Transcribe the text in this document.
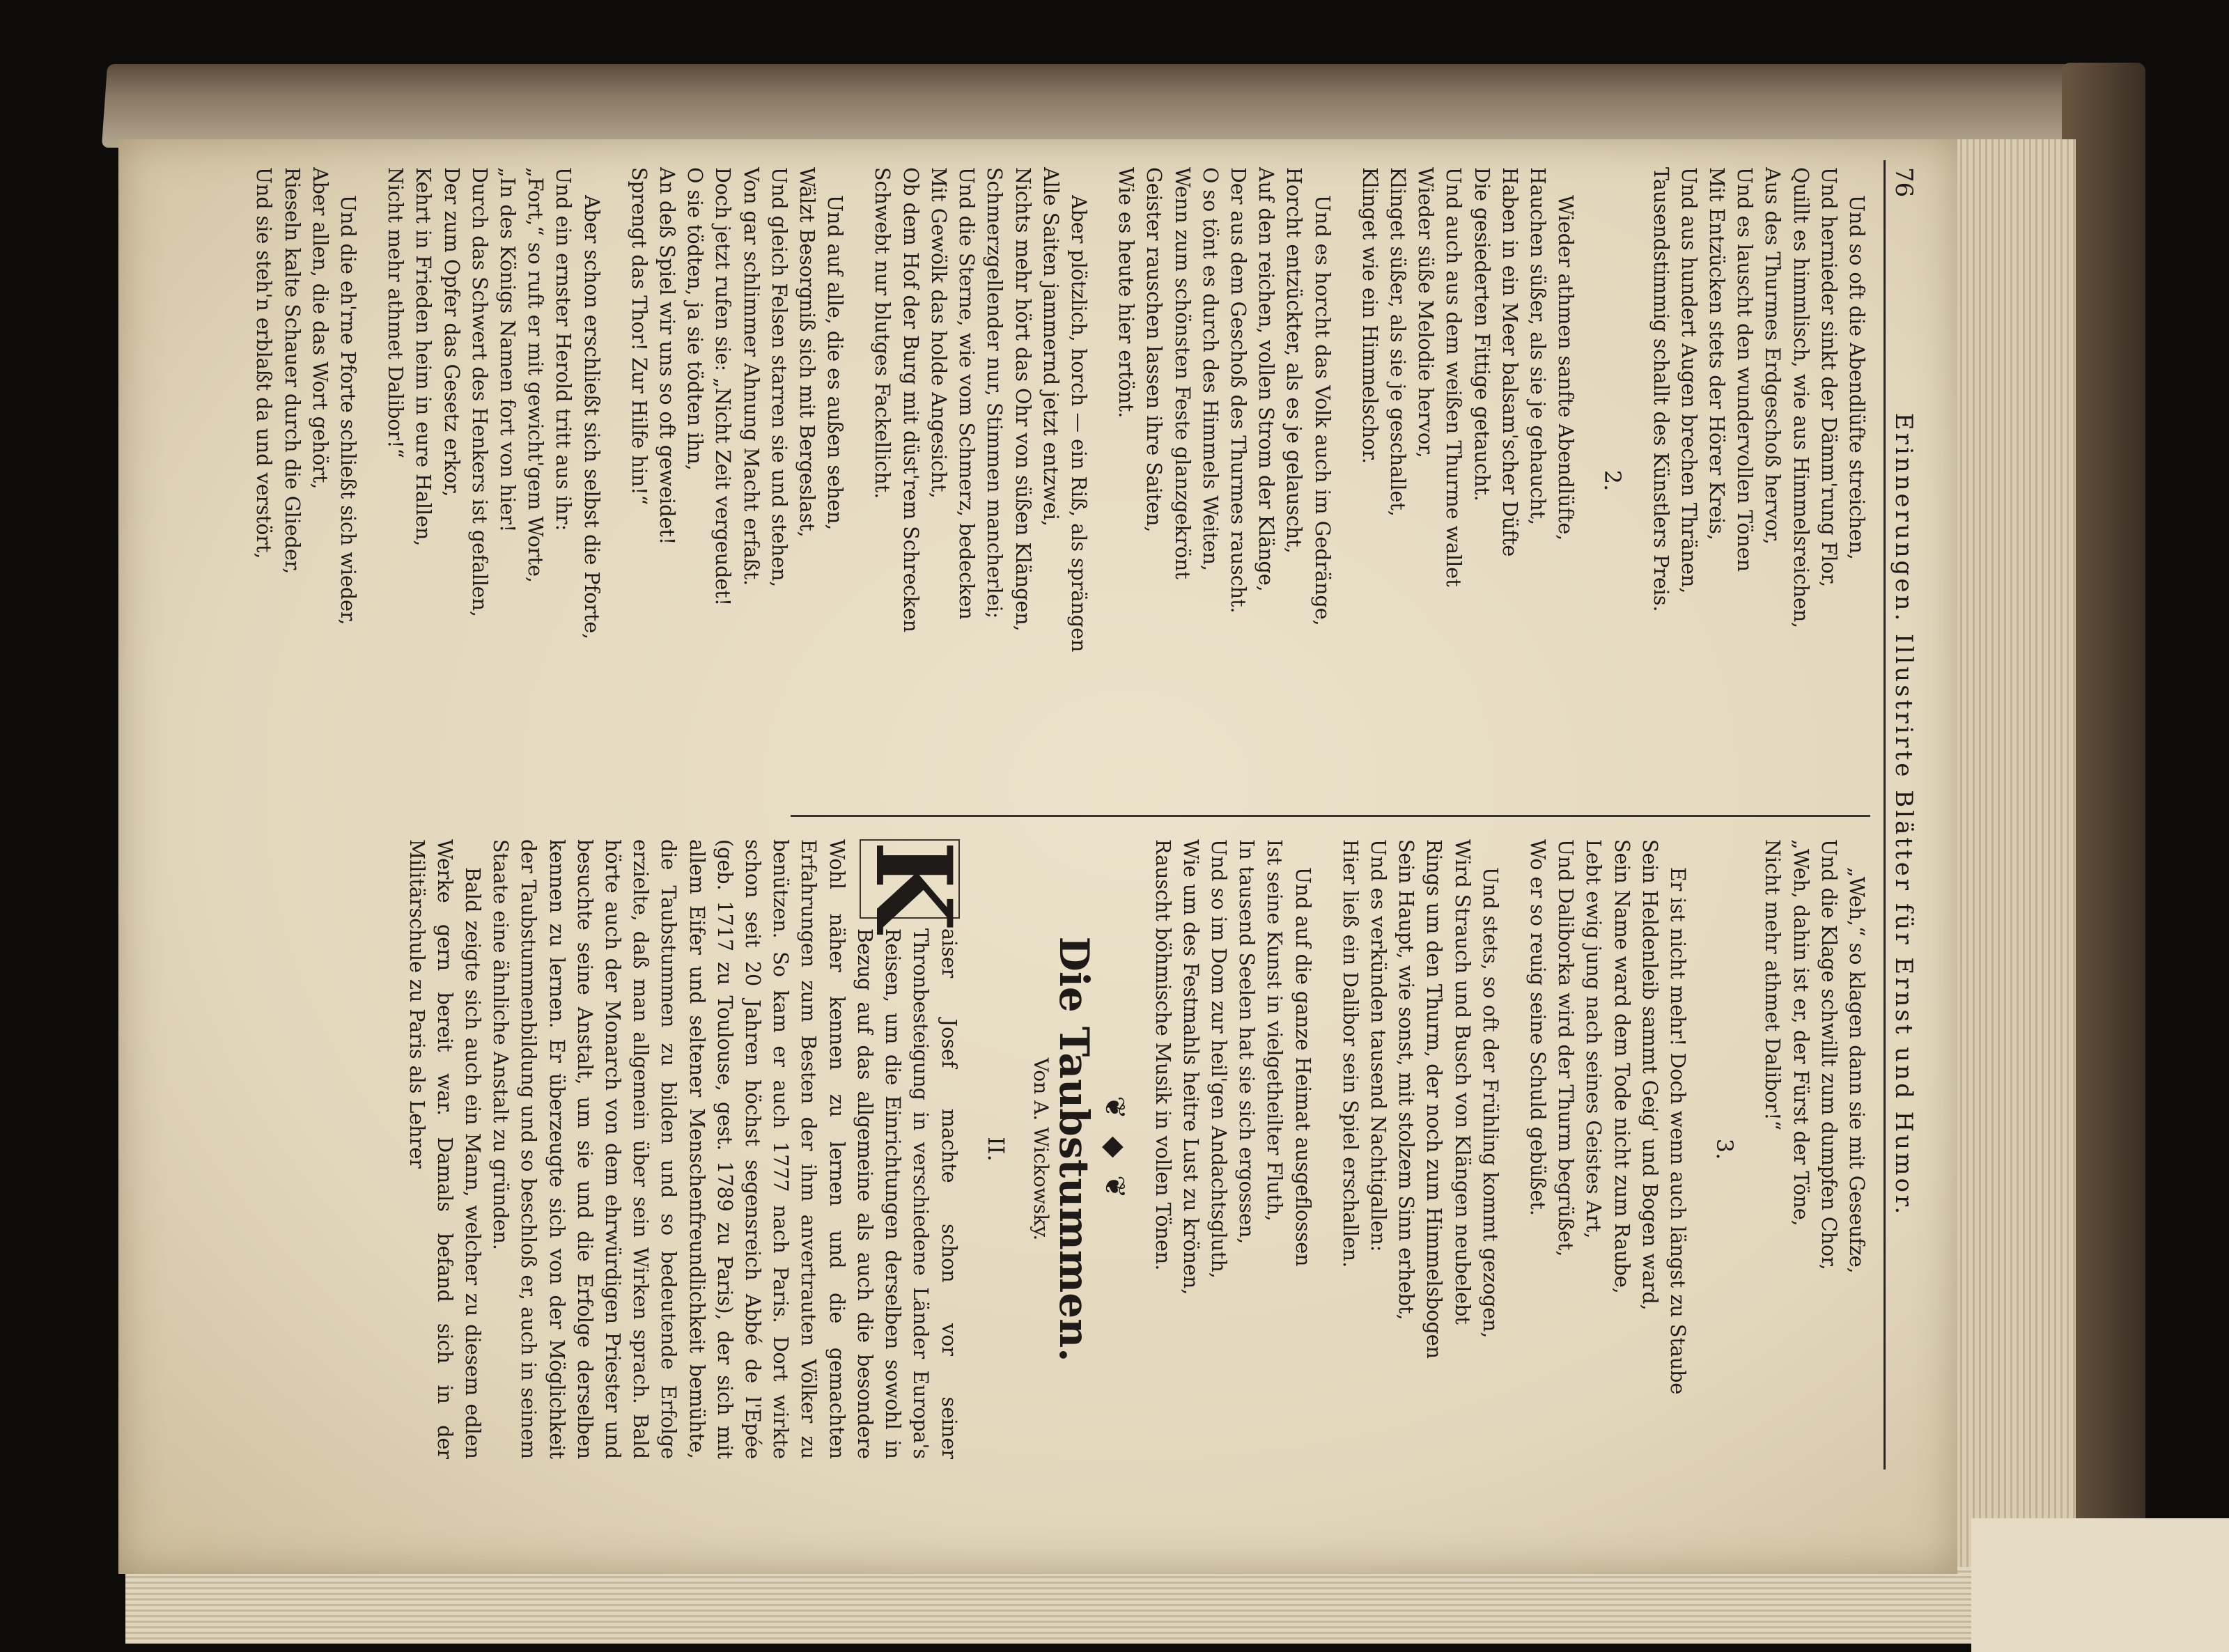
76
Erinnerungen. Illustrirte Blätter für Ernst und Humor.
Und so oft die Abendlüfte streichen,
Und hernieder sinkt der Dämm'rung Flor,
Quillt es himmlisch, wie aus Himmelsreichen,
Aus des Thurmes Erdgeschoß hervor,
Und es lauscht den wundervollen Tönen
Mit Entzücken stets der Hörer Kreis,
Und aus hundert Augen brechen Thränen,
Tausendstimmig schallt des Künstlers Preis.
2.
Wieder athmen sanfte Abendlüfte,
Hauchen süßer, als sie je gehaucht,
Haben in ein Meer balsam'scher Düfte
Die gesiederten Fittige getaucht.
Und auch aus dem weißen Thurme wallet
Wieder süße Melodie hervor,
Klinget süßer, als sie je geschallet,
Klinget wie ein Himmelschor.
Und es horcht das Volk auch im Gedränge,
Horcht entzückter, als es je gelauscht,
Auf den reichen, vollen Strom der Klänge,
Der aus dem Geschoß des Thurmes rauscht.
O so tönt es durch des Himmels Weiten,
Wenn zum schönsten Feste glanzgekrönt
Geister rauschen lassen ihre Saiten,
Wie es heute hier ertönt.
Aber plötzlich, horch — ein Riß, als sprängen
Alle Saiten jammernd jetzt entzwei,
Nichts mehr hört das Ohr von süßen Klängen,
Schmerzgellender nur, Stimmen mancherlei;
Und die Sterne, wie vom Schmerz, bedecken
Mit Gewölk das holde Angesicht,
Ob dem Hof der Burg mit düst'rem Schrecken
Schwebt nur blutges Fackellicht.
Und auf alle, die es außen sehen,
Wälzt Besorgniß sich mit Bergeslast,
Und gleich Felsen starren sie und stehen,
Von gar schlimmer Ahnung Macht erfaßt.
Doch jetzt rufen sie: „Nicht Zeit vergeudet!
O sie tödten, ja sie tödten ihn,
An deß Spiel wir uns so oft geweidet!
Sprengt das Thor! Zur Hilfe hin!“
Aber schon erschließt sich selbst die Pforte,
Und ein ernster Herold tritt aus ihr:
„Fort,“ so ruft er mit gewicht'gem Worte,
„In des Königs Namen fort von hier!
Durch das Schwert des Henkers ist gefallen,
Der zum Opfer das Gesetz erkor,
Kehrt in Frieden heim in eure Hallen,
Nicht mehr athmet Dalibor!“
Und die eh'rne Pforte schließt sich wieder,
Aber allen, die das Wort gehört,
Rieseln kalte Schauer durch die Glieder,
Und sie steh'n erblaßt da und verstört,
„Weh,“ so klagen dann sie mit Geseufze,
Und die Klage schwillt zum dumpfen Chor,
„Weh, dahin ist er, der Fürst der Töne,
Nicht mehr athmet Dalibor!“
3.
Er ist nicht mehr! Doch wenn auch längst zu Staube
Sein Heldenleib sammt Geig' und Bogen ward,
Sein Name ward dem Tode nicht zum Raube,
Lebt ewig jung nach seines Geistes Art,
Und Daliborka wird der Thurm begrüßet,
Wo er so reuig seine Schuld gebüßet.
Und stets, so oft der Frühling kommt gezogen,
Wird Strauch und Busch von Klängen neubelebt
Rings um den Thurm, der noch zum Himmelsbogen
Sein Haupt, wie sonst, mit stolzem Sinn erhebt,
Und es verkünden tausend Nachtigallen:
Hier ließ ein Dalibor sein Spiel erschallen.
Und auf die ganze Heimat ausgeflossen
Ist seine Kunst in vielgetheilter Fluth,
In tausend Seelen hat sie sich ergossen,
Und so im Dom zur heil'gen Andachtsgluth,
Wie um des Festmahls heitre Lust zu krönen,
Rauscht böhmische Musik in vollen Tönen.
❦ ◆ ❦
Die Taubstummen.
Von A. Wickowsky.
II.
K

aiser Josef machte schon vor seiner Thronbesteigung in verschiedene Länder Europa's Reisen, um die Einrichtungen derselben sowohl in Bezug auf das allgemeine als auch die besondere Wohl näher kennen zu lernen und die gemachten Erfahrungen zum Besten der ihm anvertrauten Völker zu benützen. So kam er auch 1777 nach Paris. Dort wirkte schon seit 20 Jahren höchst segensreich Abbé de l'Epée (geb. 1717 zu Toulouse, gest. 1789 zu Paris), der sich mit allem Eifer und seltener Menschenfreundlichkeit bemühte, die Taubstummen zu bilden und so bedeutende Erfolge erzielte, daß man allgemein über sein Wirken sprach. Bald hörte auch der Monarch von dem ehrwürdigen Priester und besuchte seine Anstalt, um sie und die Erfolge derselben kennen zu lernen. Er überzeugte sich von der Möglichkeit der Taubstummenbildung und so beschloß er, auch in seinem Staate eine ähnliche Anstalt zu gründen.

Bald zeigte sich auch ein Mann, welcher zu diesem edlen Werke gern bereit war. Damals befand sich in der Militärschule zu Paris als Lehrer
